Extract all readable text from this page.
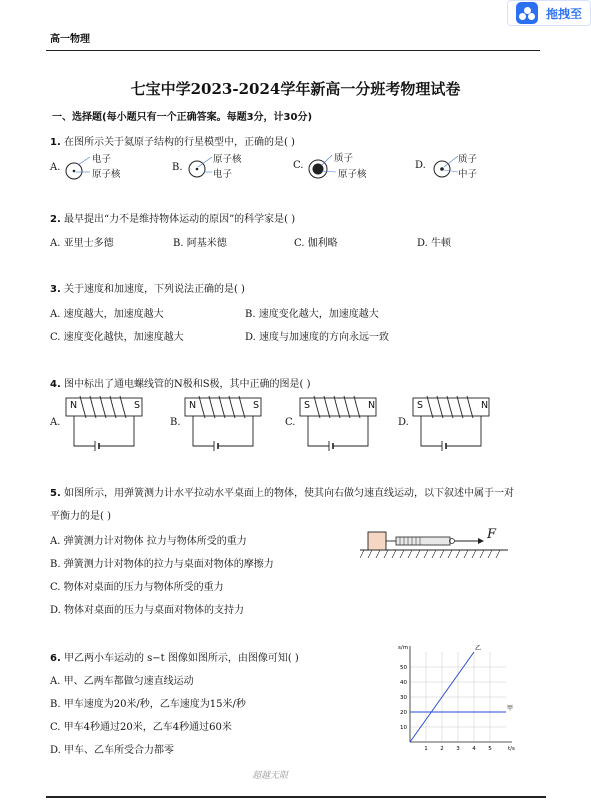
高一物理
拖拽至
七宝中学2023-2024学年新高一分班考物理试卷
一、选择题(每小题只有一个正确答案。每题3分，计30分)
1. 在图所示关于氦原子结构的行星模型中，正确的是( )
A.
电子
原子核
B.
原子核
电子
C.
质子
原子核
D.
质子
中子
2. 最早提出“力不是维持物体运动的原因”的科学家是( )
A. 亚里士多德	B. 阿基米德	C. 伽利略	D. 牛顿
3. 关于速度和加速度，下列说法正确的是( )
A. 速度越大，加速度越大	B. 速度变化越大，加速度越大
C. 速度变化越快，加速度越大	D. 速度与加速度的方向永远一致
4. 图中标出了通电螺线管的N极和S极，其中正确的图是( )
A.	B.	C.	D.
N	S	N	S	S	N	S	N
5. 如图所示，用弹簧测力计水平拉动水平桌面上的物体，使其向右做匀速直线运动，以下叙述中属于一对
平衡力的是( )
A. 弹簧测力计对物体 拉力与物体所受的重力
B. 弹簧测力计对物体的拉力与桌面对物体的摩擦力
C. 物体对桌面的压力与物体所受的重力
D. 物体对桌面的压力与桌面对物体的支持力
F
6. 甲乙两小车运动的 s−t 图像如图所示，由图像可知( )
A. 甲、乙两车都做匀速直线运动
B. 甲车速度为20米/秒，乙车速度为15米/秒
C. 甲车4秒通过20米，乙车4秒通过60米
D. 甲车、乙车所受合力都零	1 2 3 4 5
10
20
30
40
50
t/s
s/m	乙
甲
超越无限
